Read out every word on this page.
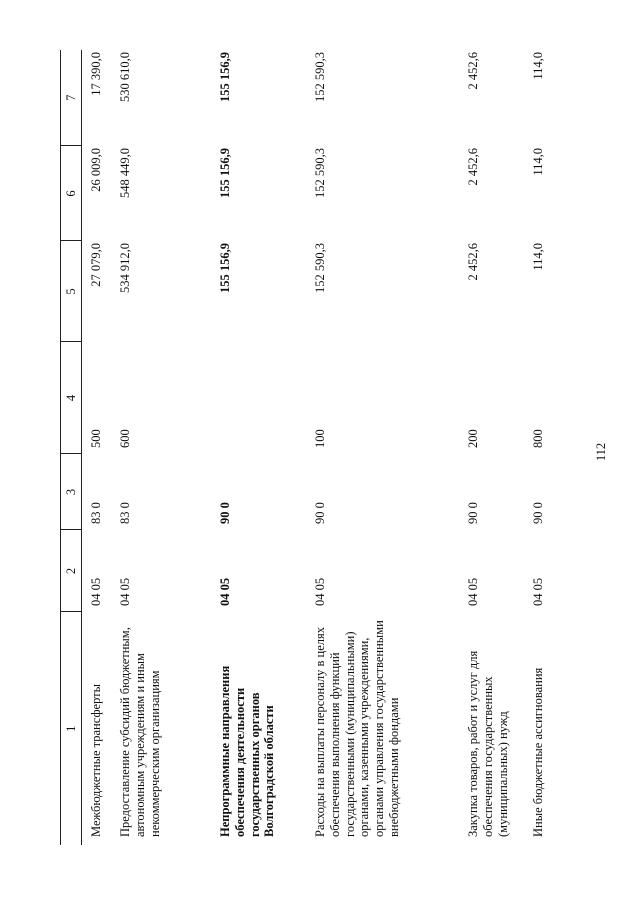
112
1	2	3	4	5	6	7
Межбюджетные трансферты	04 05	83 0	500	27 079,0	26 009,0	17 390,0
Предоставление субсидий бюджетным, автономным учреждениям и иным некоммерческим организациям	04 05	83 0	600	534 912,0	548 449,0	530 610,0
Непрограммные направления обеспечения деятельности государственных органов Волгоградской области	04 05	90 0		155 156,9	155 156,9	155 156,9
Расходы на выплаты персоналу в целях обеспечения выполнения функций государственными (муниципальными) органами, казенными учреждениями, органами управления государственными внебюджетными фондами	04 05	90 0	100	152 590,3	152 590,3	152 590,3
Закупка товаров, работ и услуг для обеспечения государственных (муниципальных) нужд	04 05	90 0	200	2 452,6	2 452,6	2 452,6
Иные бюджетные ассигнования	04 05	90 0	800	114,0	114,0	114,0
